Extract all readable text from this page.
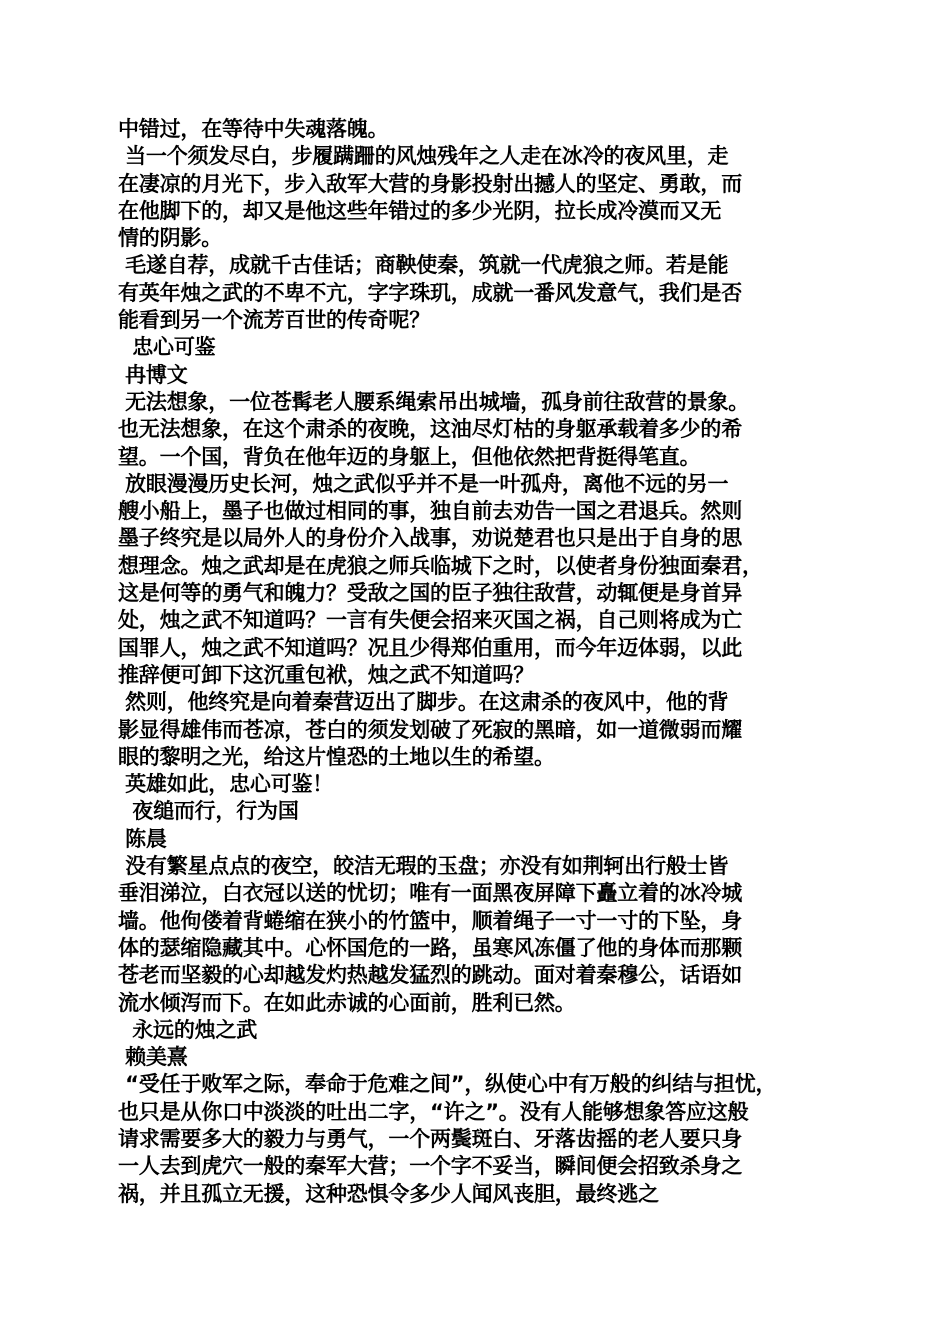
中错过，在等待中失魂落魄。

当一个须发尽白，步履蹒跚的风烛残年之人走在冰冷的夜风里，走

在凄凉的月光下，步入敌军大营的身影投射出撼人的坚定、勇敢，而

在他脚下的，却又是他这些年错过的多少光阴，拉长成冷漠而又无

情的阴影。

毛遂自荐，成就千古佳话；商鞅使秦，筑就一代虎狼之师。若是能

有英年烛之武的不卑不亢，字字珠玑，成就一番风发意气，我们是否

能看到另一个流芳百世的传奇呢？

忠心可鉴

冉博文

无法想象，一位苍髯老人腰系绳索吊出城墙，孤身前往敌营的景象。

也无法想象，在这个肃杀的夜晚，这油尽灯枯的身躯承载着多少的希

望。一个国，背负在他年迈的身躯上，但他依然把背挺得笔直。

放眼漫漫历史长河，烛之武似乎并不是一叶孤舟，离他不远的另一

艘小船上，墨子也做过相同的事，独自前去劝告一国之君退兵。然则

墨子终究是以局外人的身份介入战事，劝说楚君也只是出于自身的思

想理念。烛之武却是在虎狼之师兵临城下之时，以使者身份独面秦君，

这是何等的勇气和魄力？受敌之国的臣子独往敌营，动辄便是身首异

处，烛之武不知道吗？一言有失便会招来灭国之祸，自己则将成为亡

国罪人，烛之武不知道吗？况且少得郑伯重用，而今年迈体弱，以此

推辞便可卸下这沉重包袱，烛之武不知道吗？

然则，他终究是向着秦营迈出了脚步。在这肃杀的夜风中，他的背

影显得雄伟而苍凉，苍白的须发划破了死寂的黑暗，如一道微弱而耀

眼的黎明之光，给这片惶恐的土地以生的希望。

英雄如此，忠心可鉴！

夜缒而行，行为国

陈晨

没有繁星点点的夜空，皎洁无瑕的玉盘；亦没有如荆轲出行般士皆

垂泪涕泣，白衣冠以送的忧切；唯有一面黑夜屏障下矗立着的冰冷城

墙。他佝偻着背蜷缩在狭小的竹篮中，顺着绳子一寸一寸的下坠，身

体的瑟缩隐藏其中。心怀国危的一路，虽寒风冻僵了他的身体而那颗

苍老而坚毅的心却越发灼热越发猛烈的跳动。面对着秦穆公，话语如

流水倾泻而下。在如此赤诚的心面前，胜利已然。

永远的烛之武

赖美熹

“受任于败军之际，奉命于危难之间”，纵使心中有万般的纠结与担忧，

也只是从你口中淡淡的吐出二字，“许之”。没有人能够想象答应这般

请求需要多大的毅力与勇气，一个两鬓斑白、牙落齿摇的老人要只身

一人去到虎穴一般的秦军大营；一个字不妥当，瞬间便会招致杀身之

祸，并且孤立无援，这种恐惧令多少人闻风丧胆，最终逃之
